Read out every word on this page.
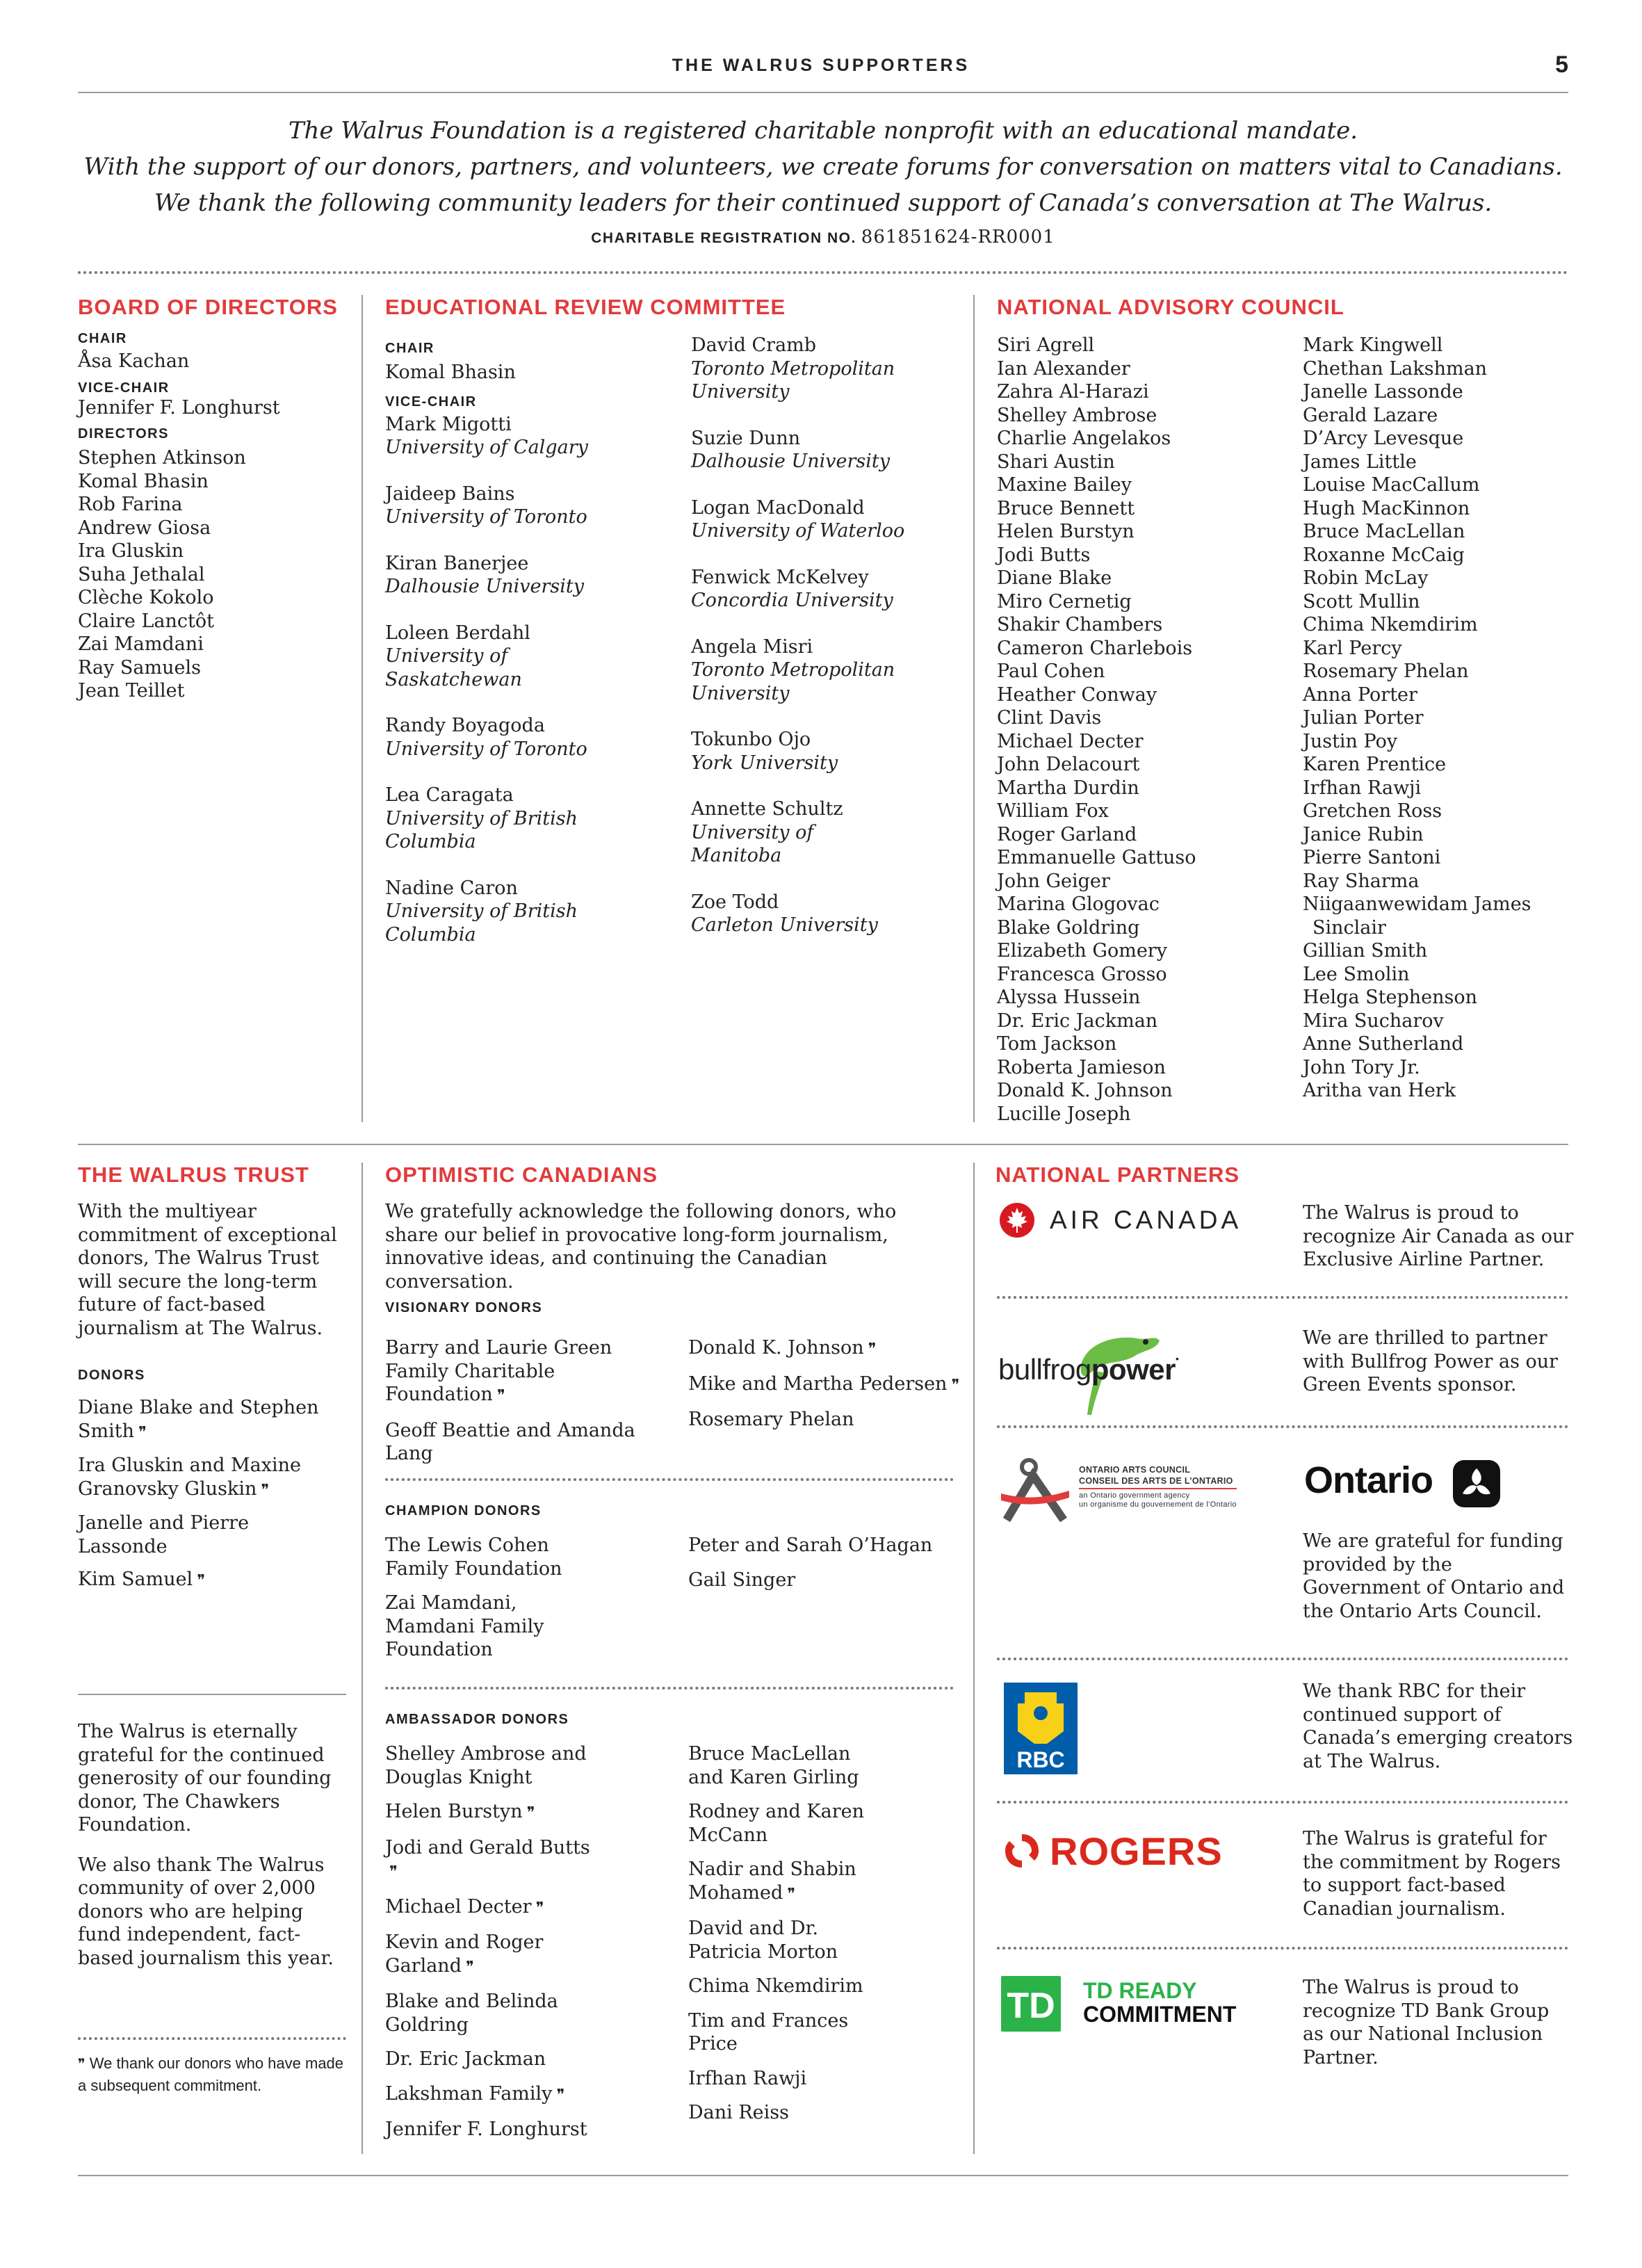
THE WALRUS SUPPORTERS	5
The Walrus Foundation is a registered charitable nonprofit with an educational mandate.
With the support of our donors, partners, and volunteers, we create forums for conversation on matters vital to Canadians.
We thank the following community leaders for their continued support of Canada’s conversation at The Walrus.
CHARITABLE REGISTRATION NO. 861851624-RR0001
BOARD OF DIRECTORS
CHAIR
Åsa Kachan
VICE-CHAIR
Jennifer F. Longhurst
DIRECTORS
Stephen Atkinson
Komal Bhasin
Rob Farina
Andrew Giosa
Ira Gluskin
Suha Jethalal
Clèche Kokolo
Claire Lanctôt
Zai Mamdani
Ray Samuels
Jean Teillet
EDUCATIONAL REVIEW COMMITTEE
CHAIR
Komal Bhasin
VICE-CHAIR
Mark Migotti
University of Calgary
Jaideep Bains
University of Toronto
Kiran Banerjee
Dalhousie University
Loleen Berdahl
University of Saskatchewan
Randy Boyagoda
University of Toronto
Lea Caragata
University of British Columbia
Nadine Caron
University of British Columbia
David Cramb
Toronto Metropolitan University
Suzie Dunn
Dalhousie University
Logan MacDonald
University of Waterloo
Fenwick McKelvey
Concordia University
Angela Misri
Toronto Metropolitan University
Tokunbo Ojo
York University
Annette Schultz
University of Manitoba
Zoe Todd
Carleton University
NATIONAL ADVISORY COUNCIL
Siri Agrell
Ian Alexander
Zahra Al-Harazi
Shelley Ambrose
Charlie Angelakos
Shari Austin
Maxine Bailey
Bruce Bennett
Helen Burstyn
Jodi Butts
Diane Blake
Miro Cernetig
Shakir Chambers
Cameron Charlebois
Paul Cohen
Heather Conway
Clint Davis
Michael Decter
John Delacourt
Martha Durdin
William Fox
Roger Garland
Emmanuelle Gattuso
John Geiger
Marina Glogovac
Blake Goldring
Elizabeth Gomery
Francesca Grosso
Alyssa Hussein
Dr. Eric Jackman
Tom Jackson
Roberta Jamieson
Donald K. Johnson
Lucille Joseph
Mark Kingwell
Chethan Lakshman
Janelle Lassonde
Gerald Lazare
D’Arcy Levesque
James Little
Louise MacCallum
Hugh MacKinnon
Bruce MacLellan
Roxanne McCaig
Robin McLay
Scott Mullin
Chima Nkemdirim
Karl Percy
Rosemary Phelan
Anna Porter
Julian Porter
Justin Poy
Karen Prentice
Irfhan Rawji
Gretchen Ross
Janice Rubin
Pierre Santoni
Ray Sharma
Niigaanwewidam James
Sinclair
Gillian Smith
Lee Smolin
Helga Stephenson
Mira Sucharov
Anne Sutherland
John Tory Jr.
Aritha van Herk
THE WALRUS TRUST
With the multiyear commitment of exceptional donors, The Walrus Trust will secure the long-term future of fact-based journalism at The Walrus.
DONORS
Diane Blake and Stephen Smith ❞
Ira Gluskin and Maxine Granovsky Gluskin ❞
Janelle and Pierre Lassonde
Kim Samuel ❞
The Walrus is eternally grateful for the continued generosity of our founding donor, The Chawkers Foundation.
We also thank The Walrus community of over 2,000 donors who are helping fund independent, fact-based journalism this year.
❞ We thank our donors who have made a subsequent commitment.
OPTIMISTIC CANADIANS
We gratefully acknowledge the following donors, who share our belief in provocative long-form journalism, innovative ideas, and continuing the Canadian conversation.
VISIONARY DONORS
Barry and Laurie Green Family Charitable Foundation ❞
Geoff Beattie and Amanda Lang
Donald K. Johnson ❞
Mike and Martha Pedersen ❞
Rosemary Phelan
CHAMPION DONORS
The Lewis Cohen Family Foundation
Zai Mamdani, Mamdani Family Foundation
Peter and Sarah O’Hagan
Gail Singer
AMBASSADOR DONORS
Shelley Ambrose and Douglas Knight
Helen Burstyn ❞
Jodi and Gerald Butts❞
Michael Decter ❞
Kevin and Roger Garland ❞
Blake and Belinda Goldring
Dr. Eric Jackman
Lakshman Family ❞
Jennifer F. Longhurst
Bruce MacLellan and Karen Girling
Rodney and Karen McCann
Nadir and Shabin Mohamed ❞
David and Dr. Patricia Morton
Chima Nkemdirim
Tim and Frances Price
Irfhan Rawji
Dani Reiss
NATIONAL PARTNERS
AIR CANADA	The Walrus is proud to recognize Air Canada as our Exclusive Airline Partner.
bullfrogpower•
We are thrilled to partner with Bullfrog Power as our Green Events sponsor.
ONTARIO ARTS COUNCIL
CONSEIL DES ARTS DE L’ONTARIO
an Ontario government agency
un organisme du gouvernement de l’Ontario
Ontario
We are grateful for funding provided by the Government of Ontario and the Ontario Arts Council.
RBC
We thank RBC for their continued support of Canada’s emerging creators at The Walrus.
ROGERS	The Walrus is grateful for the commitment by Rogers to support fact-based Canadian journalism.
TD TD READY
COMMITMENT
The Walrus is proud to recognize TD Bank Group as our National Inclusion Partner.
